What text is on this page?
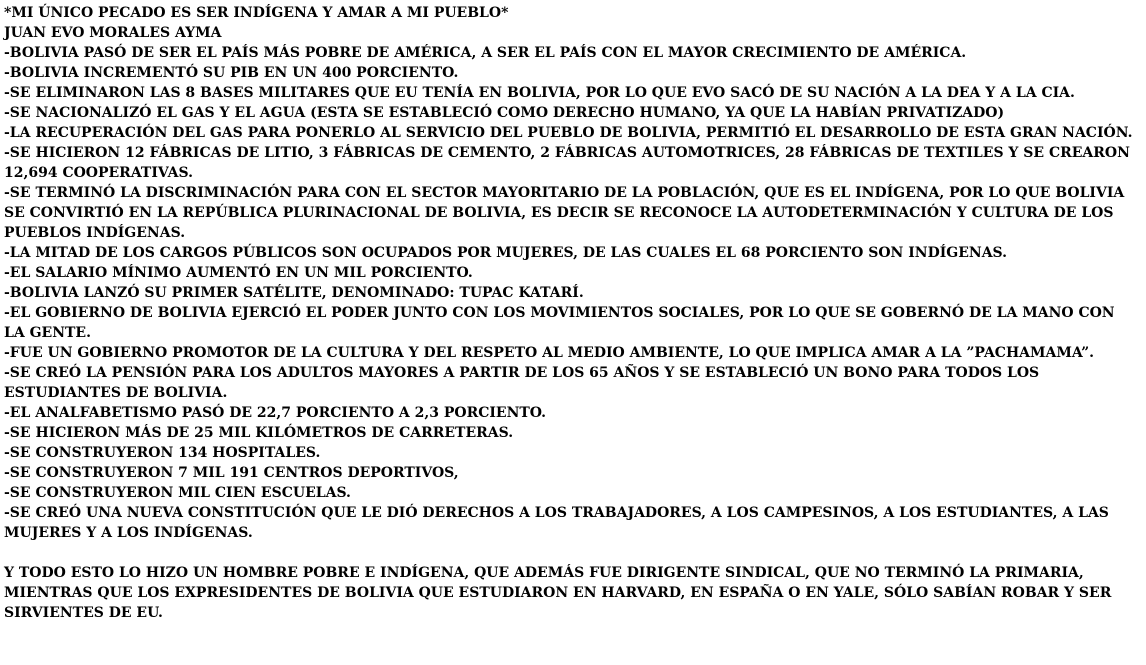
*MI ÚNICO PECADO ES SER INDÍGENA Y AMAR A MI PUEBLO*

JUAN EVO MORALES AYMA

-BOLIVIA PASÓ DE SER EL PAÍS MÁS POBRE DE AMÉRICA, A SER EL PAÍS CON EL MAYOR CRECIMIENTO DE AMÉRICA.

-BOLIVIA INCREMENTÓ SU PIB EN UN 400 PORCIENTO.

-SE ELIMINARON LAS 8 BASES MILITARES QUE EU TENÍA EN BOLIVIA, POR LO QUE EVO SACÓ DE SU NACIÓN A LA DEA Y A LA CIA.

-SE NACIONALIZÓ EL GAS Y EL AGUA (ESTA SE ESTABLECIÓ COMO DERECHO HUMANO, YA QUE LA HABÍAN PRIVATIZADO)

-LA RECUPERACIÓN DEL GAS PARA PONERLO AL SERVICIO DEL PUEBLO DE BOLIVIA, PERMITIÓ EL DESARROLLO DE ESTA GRAN NACIÓN.

-SE HICIERON 12 FÁBRICAS DE LITIO, 3 FÁBRICAS DE CEMENTO, 2 FÁBRICAS AUTOMOTRICES, 28 FÁBRICAS DE TEXTILES Y SE CREARON 12,694 COOPERATIVAS.

-SE TERMINÓ LA DISCRIMINACIÓN PARA CON EL SECTOR MAYORITARIO DE LA POBLACIÓN, QUE ES EL INDÍGENA, POR LO QUE BOLIVIA SE CONVIRTIÓ EN LA REPÚBLICA PLURINACIONAL DE BOLIVIA, ES DECIR SE RECONOCE LA AUTODETERMINACIÓN Y CULTURA DE LOS PUEBLOS INDÍGENAS.

-LA MITAD DE LOS CARGOS PÚBLICOS SON OCUPADOS POR MUJERES, DE LAS CUALES EL 68 PORCIENTO SON INDÍGENAS.

-EL SALARIO MÍNIMO AUMENTÓ EN UN MIL PORCIENTO.

-BOLIVIA LANZÓ SU PRIMER SATÉLITE, DENOMINADO: TUPAC KATARÍ.

-EL GOBIERNO DE BOLIVIA EJERCIÓ EL PODER JUNTO CON LOS MOVIMIENTOS SOCIALES, POR LO QUE SE GOBERNÓ DE LA MANO CON LA GENTE.

-FUE UN GOBIERNO PROMOTOR DE LA CULTURA Y DEL RESPETO AL MEDIO AMBIENTE, LO QUE IMPLICA AMAR A LA ”PACHAMAMA”.

-SE CREÓ LA PENSIÓN PARA LOS ADULTOS MAYORES A PARTIR DE LOS 65 AÑOS Y SE ESTABLECIÓ UN BONO PARA TODOS LOS ESTUDIANTES DE BOLIVIA.

-EL ANALFABETISMO PASÓ DE 22,7 PORCIENTO A 2,3 PORCIENTO.

-SE HICIERON MÁS DE 25 MIL KILÓMETROS DE CARRETERAS.

-SE CONSTRUYERON 134 HOSPITALES.

-SE CONSTRUYERON 7 MIL 191 CENTROS DEPORTIVOS,

-SE CONSTRUYERON MIL CIEN ESCUELAS.

-SE CREÓ UNA NUEVA CONSTITUCIÓN QUE LE DIÓ DERECHOS A LOS TRABAJADORES, A LOS CAMPESINOS, A LOS ESTUDIANTES, A LAS MUJERES Y A LOS INDÍGENAS.

Y TODO ESTO LO HIZO UN HOMBRE POBRE E INDÍGENA, QUE ADEMÁS FUE DIRIGENTE SINDICAL, QUE NO TERMINÓ LA PRIMARIA, MIENTRAS QUE LOS EXPRESIDENTES DE BOLIVIA QUE ESTUDIARON EN HARVARD, EN ESPAÑA O EN YALE, SÓLO SABÍAN ROBAR Y SER SIRVIENTES DE EU.
